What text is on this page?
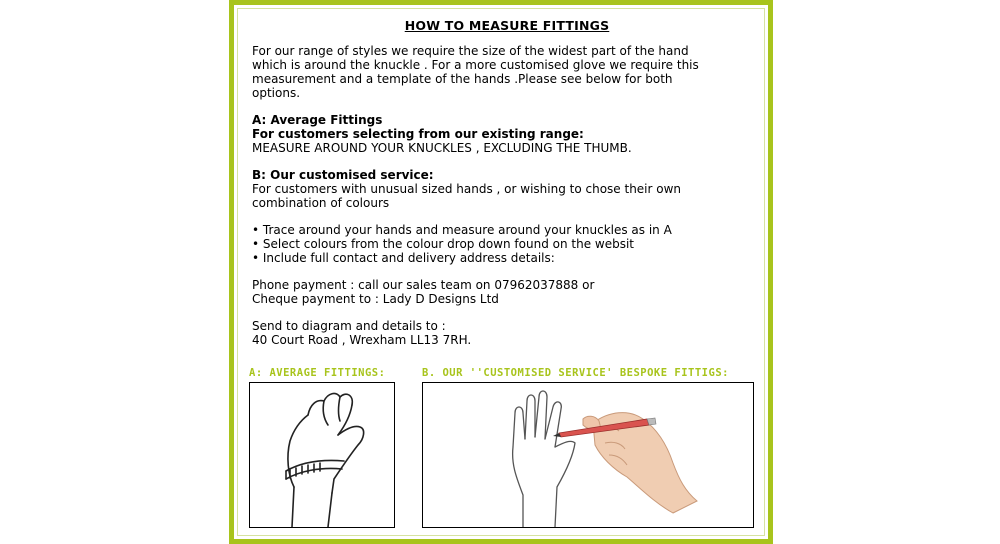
HOW TO MEASURE FITTINGS

For our range of styles we require the size of the widest part of the hand

which is around the knuckle . For a more customised glove we require this

measurement and a template of the hands .Please see below for both

options.

A: Average Fittings

For customers selecting from our existing range:

MEASURE AROUND YOUR KNUCKLES , EXCLUDING THE THUMB.

B: Our customised service:

For customers with unusual sized hands , or wishing to chose their own

combination of colours

• Trace around your hands and measure around your knuckles as in A

• Select colours from the colour drop down found on the websit

• Include full contact and delivery address details:

Phone payment : call our sales team on 07962037888 or

Cheque payment to : Lady D Designs Ltd

Send to diagram and details to :

40 Court Road , Wrexham LL13 7RH.

A: AVERAGE FITTINGS:	B. OUR ''CUSTOMISED SERVICE' BESPOKE FITTIGS:
